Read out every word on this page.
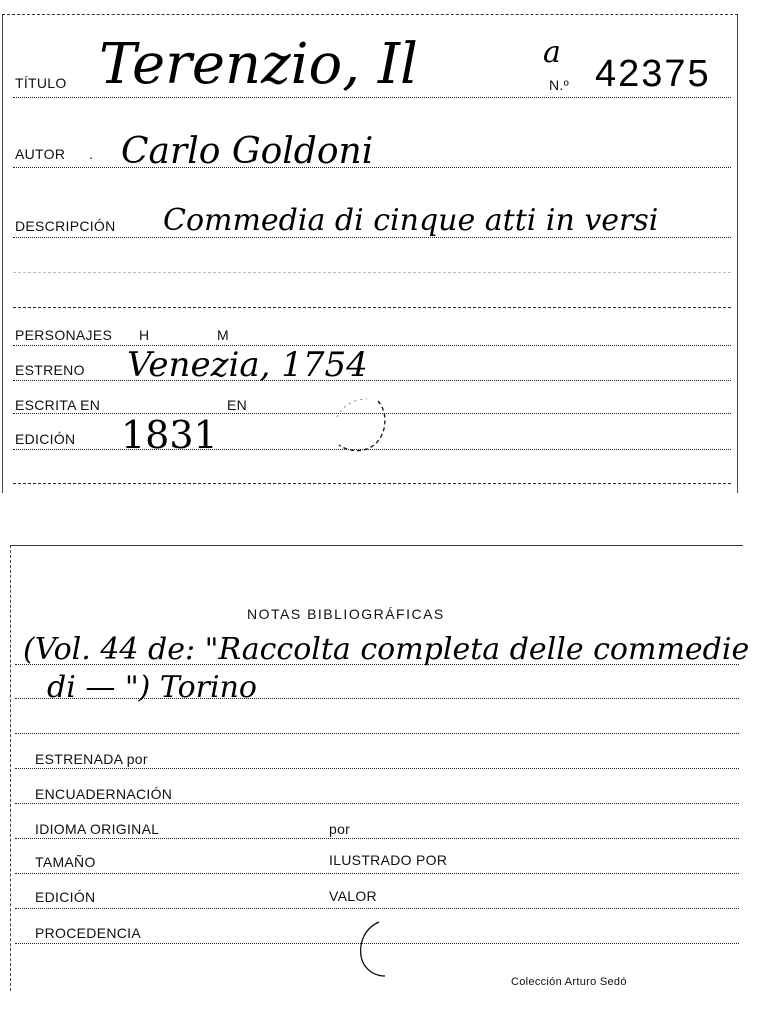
TÍTULO Terenzio, Il	a
N.º 42375
AUTOR . Carlo Goldoni
DESCRIPCIÓN Commedia di cinque atti in versi
PERSONAJES H	M
ESTRENO Venezia, 1754
ESCRITA EN	EN
EDICIÓN 1831
NOTAS BIBLIOGRÁFICAS
(Vol. 44 de: "Raccolta completa delle commedie
di — ") Torino
ESTRENADA por
ENCUADERNACIÓN
IDIOMA ORIGINAL	por
TAMAÑO	ILUSTRADO POR
EDICIÓN	VALOR
PROCEDENCIA
Colección Arturo Sedó
